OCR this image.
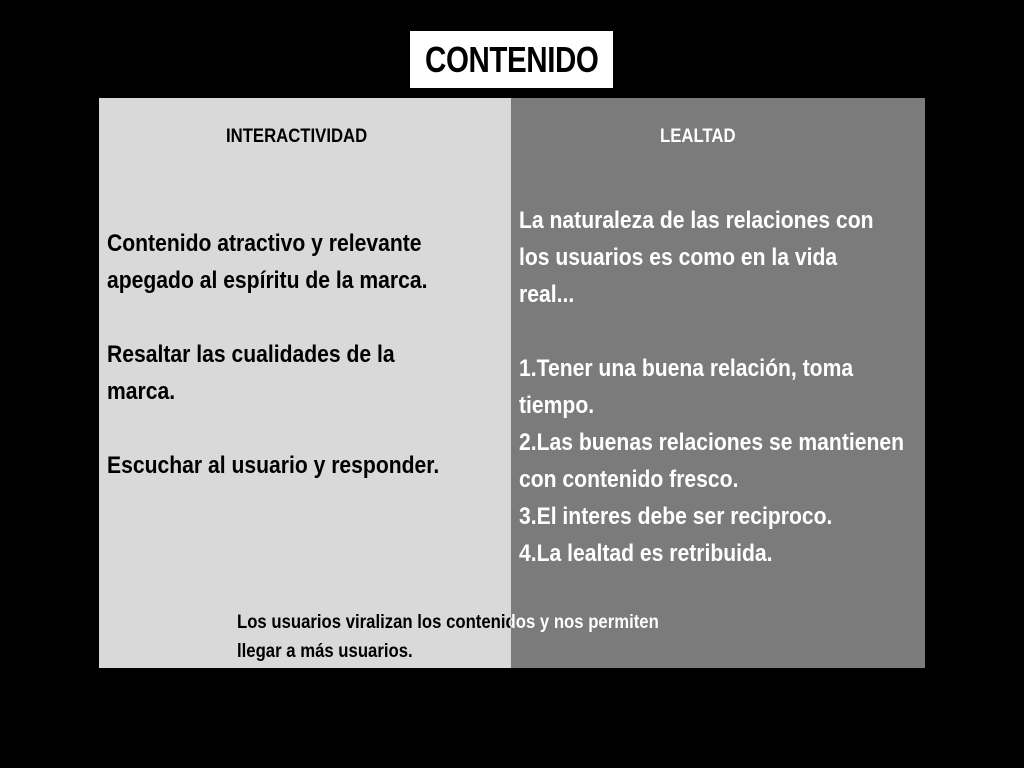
CONTENIDO
INTERACTIVIDAD	LEALTAD

Contenido atractivo y relevante apegado al espíritu de la marca.

Resaltar las cualidades de la marca.

Escuchar al usuario y responder.

La naturaleza de las relaciones con los usuarios es como en la vida real...

1.Tener una buena relación, toma tiempo.

2.Las buenas relaciones se mantienen con contenido fresco.

3.El interes debe ser reciproco.

4.La lealtad es retribuida.

Los usuarios viralizan los contenidos y nos permiten
llegar a más usuarios.
